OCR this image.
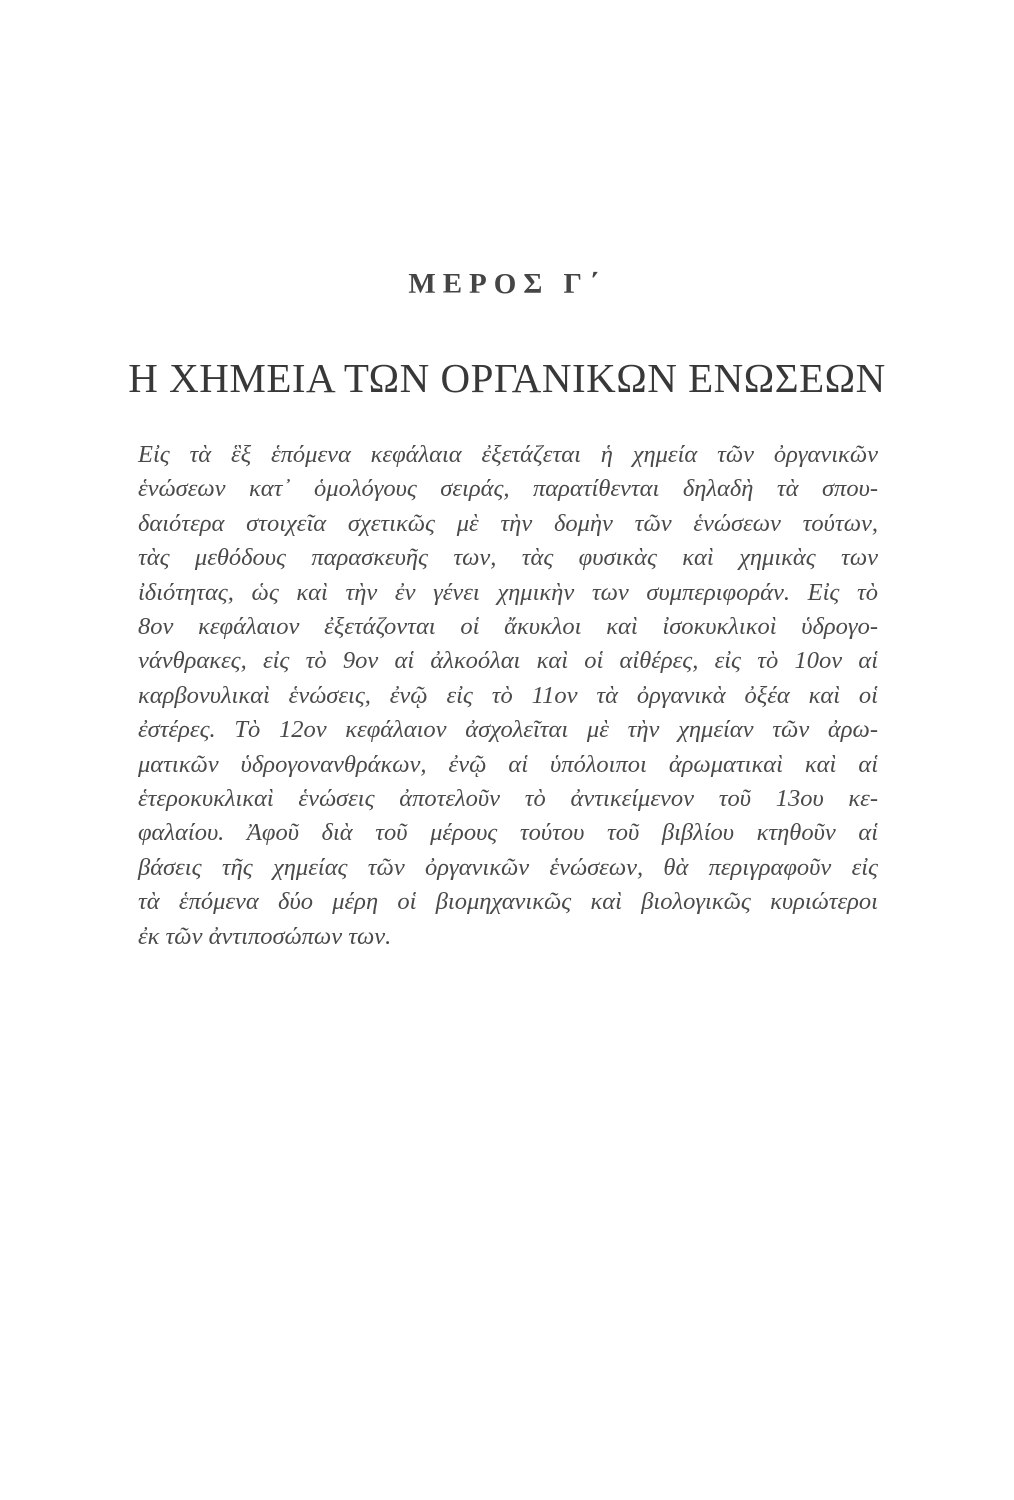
ΜΕΡΟΣ Γ΄
Η ΧΗΜΕΙΑ ΤΩΝ ΟΡΓΑΝΙΚΩΝ ΕΝΩΣΕΩΝ

Εἰς τὰ ἓξ ἑπόμενα κεφάλαια ἐξετάζεται ἡ χημεία τῶν ὀργανικῶν
ἑνώσεων κατ᾽ ὁμολόγους σειράς, παρατίθενται δηλαδὴ τὰ σπου-
δαιότερα στοιχεῖα σχετικῶς μὲ τὴν δομὴν τῶν ἑνώσεων τούτων,
τὰς μεθόδους παρασκευῆς των, τὰς φυσικὰς καὶ χημικὰς των
ἰδιότητας, ὡς καὶ τὴν ἐν γένει χημικὴν των συμπεριφοράν. Εἰς τὸ
8ον κεφάλαιον ἐξετάζονται οἱ ἄκυκλοι καὶ ἰσοκυκλικοὶ ὑδρογο-
νάνθρακες, εἰς τὸ 9ον αἱ ἀλκοόλαι καὶ οἱ αἰθέρες, εἰς τὸ 10ον αἱ
καρβονυλικαὶ ἑνώσεις, ἐνῷ εἰς τὸ 11ον τὰ ὀργανικὰ ὀξέα καὶ οἱ
ἐστέρες. Τὸ 12ον κεφάλαιον ἀσχολεῖται μὲ τὴν χημείαν τῶν ἀρω-
ματικῶν ὑδρογονανθράκων, ἐνῷ αἱ ὑπόλοιποι ἀρωματικαὶ καὶ αἱ
ἑτεροκυκλικαὶ ἑνώσεις ἀποτελοῦν τὸ ἀντικείμενον τοῦ 13ου κε-
φαλαίου. Ἀφοῦ διὰ τοῦ μέρους τούτου τοῦ βιβλίου κτηθοῦν αἱ
βάσεις τῆς χημείας τῶν ὀργανικῶν ἑνώσεων, θὰ περιγραφοῦν εἰς
τὰ ἑπόμενα δύο μέρη οἱ βιομηχανικῶς καὶ βιολογικῶς κυριώτεροι
ἐκ τῶν ἀντιποσώπων των.
